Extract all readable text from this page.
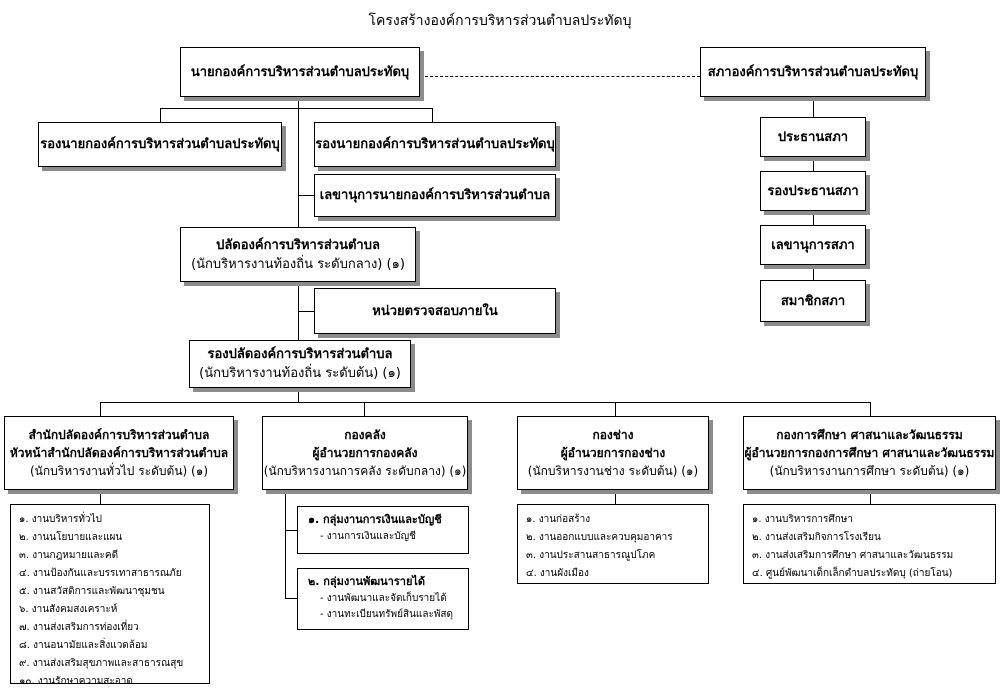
โครงสร้างองค์การบริหารส่วนตำบลประทัดบุ
นายกองค์การบริหารส่วนตำบลประทัดบุ	สภาองค์การบริหารส่วนตำบลประทัดบุ
รองนายกองค์การบริหารส่วนตำบลประทัดบุ	รองนายกองค์การบริหารส่วนตำบลประทัดบุ
เลขานุการนายกองค์การบริหารส่วนตำบล
ประธานสภา
รองประธานสภา
เลขานุการสภา
สมาชิกสภา
ปลัดองค์การบริหารส่วนตำบล
(นักบริหารงานท้องถิ่น ระดับกลาง) (๑)
หน่วยตรวจสอบภายใน
รองปลัดองค์การบริหารส่วนตำบล
(นักบริหารงานท้องถิ่น ระดับต้น) (๑)
สำนักปลัดองค์การบริหารส่วนตำบล
หัวหน้าสำนักปลัดองค์การบริหารส่วนตำบล
(นักบริหารงานทั่วไป ระดับต้น) (๑)
กองคลัง
ผู้อำนวยการกองคลัง
(นักบริหารงานการคลัง ระดับกลาง) (๑)
กองช่าง
ผู้อำนวยการกองช่าง
(นักบริหารงานช่าง ระดับต้น) (๑)
กองการศึกษา ศาสนาและวัฒนธรรม
ผู้อำนวยการกองการศึกษา ศาสนาและวัฒนธรรม
(นักบริหารงานการศึกษา ระดับต้น) (๑)
๑. งานบริหารทั่วไป
๒. งานนโยบายและแผน
๓. งานกฎหมายและคดี
๔. งานป้องกันและบรรเทาสาธารณภัย
๕. งานสวัสดิการและพัฒนาชุมชน
๖. งานสังคมสงเคราะห์
๗. งานส่งเสริมการท่องเที่ยว
๘. งานอนามัยและสิ่งแวดล้อม
๙. งานส่งเสริมสุขภาพและสาธารณสุข
๑๐. งานรักษาความสะอาด
๑. กลุ่มงานการเงินและบัญชี
- งานการเงินและบัญชี
๒. กลุ่มงานพัฒนารายได้
- งานพัฒนาและจัดเก็บรายได้
- งานทะเบียนทรัพย์สินและพัสดุ
๑. งานก่อสร้าง
๒. งานออกแบบและควบคุมอาคาร
๓. งานประสานสาธารณูปโภค
๔. งานผังเมือง
๑. งานบริหารการศึกษา
๒. งานส่งเสริมกิจการโรงเรียน
๓. งานส่งเสริมการศึกษา ศาสนาและวัฒนธรรม
๔. ศูนย์พัฒนาเด็กเล็กตำบลประทัดบุ (ถ่ายโอน)
